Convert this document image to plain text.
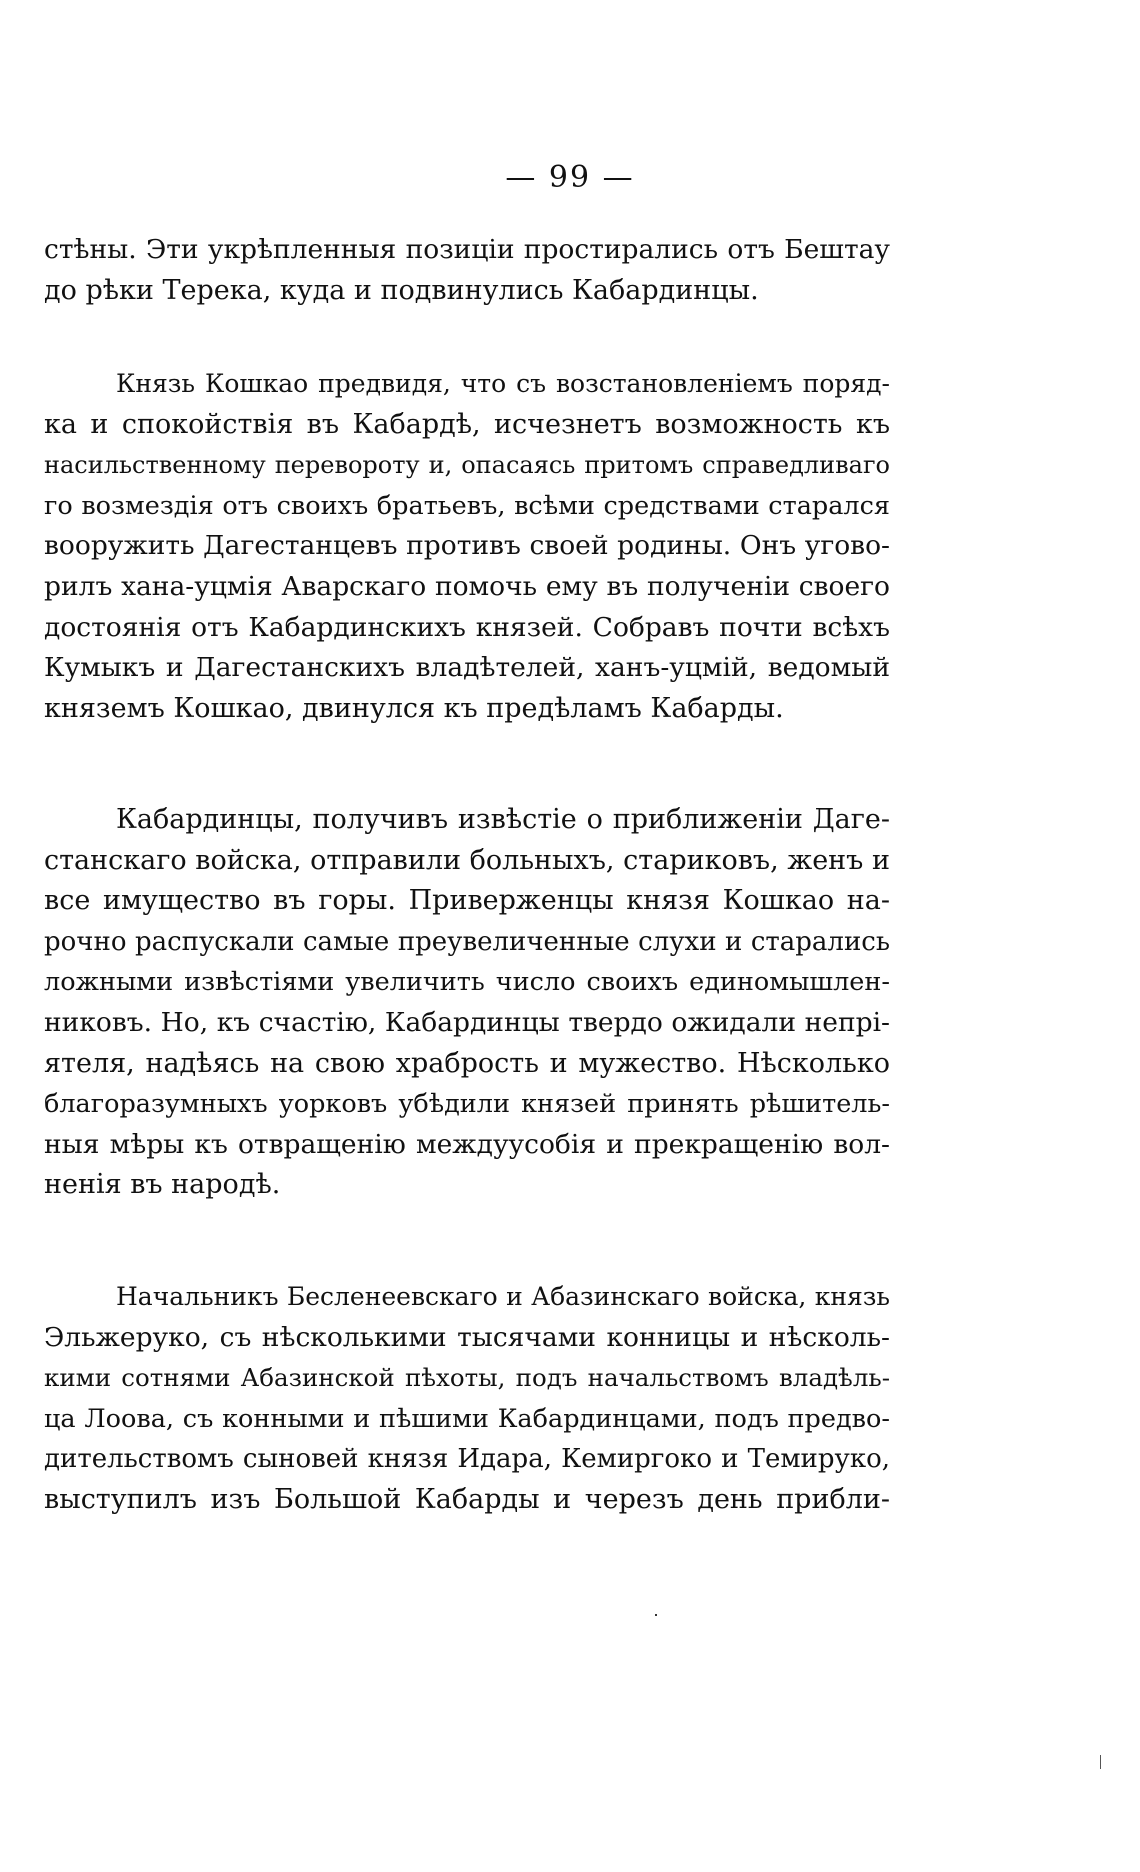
— 99 —
стѣны. Эти укрѣпленныя позиціи простирались отъ Бештау
до рѣки Терека, куда и подвинулись Кабардинцы.
Князь Кошкао предвидя, что съ возстановленіемъ поряд-
ка и спокойствія въ Кабардѣ, исчезнетъ возможность къ
насильственному перевороту и, опасаясь притомъ справедливаго
го возмездія отъ своихъ братьевъ, всѣми средствами старался
вооружить Дагестанцевъ противъ своей родины. Онъ угово-
рилъ хана-уцмія Аварскаго помочь ему въ полученіи своего
достоянія отъ Кабардинскихъ князей. Собравъ почти всѣхъ
Кумыкъ и Дагестанскихъ владѣтелей, ханъ-уцмій, ведомый
княземъ Кошкао, двинулся къ предѣламъ Кабарды.
Кабардинцы, получивъ извѣстіе о приближеніи Даге-
станскаго войска, отправили больныхъ, стариковъ, женъ и
все имущество въ горы. Приверженцы князя Кошкао на-
рочно распускали самые преувеличенные слухи и старались
ложными извѣстіями увеличить число своихъ единомышлен-
никовъ. Но, къ счастію, Кабардинцы твердо ожидали непрі-
ятеля, надѣясь на свою храбрость и мужество. Нѣсколько
благоразумныхъ уорковъ убѣдили князей принять рѣшитель-
ныя мѣры къ отвращенію междуусобія и прекращенію вол-
ненія въ народѣ.
Начальникъ Бесленеевскаго и Абазинскаго войска, князь
Эльжеруко, съ нѣсколькими тысячами конницы и нѣсколь-
кими сотнями Абазинской пѣхоты, подъ начальствомъ владѣль-
ца Лоова, съ конными и пѣшими Кабардинцами, подъ предво-
дительствомъ сыновей князя Идара, Кемиргоко и Темируко,
выступилъ изъ Большой Кабарды и черезъ день прибли-
